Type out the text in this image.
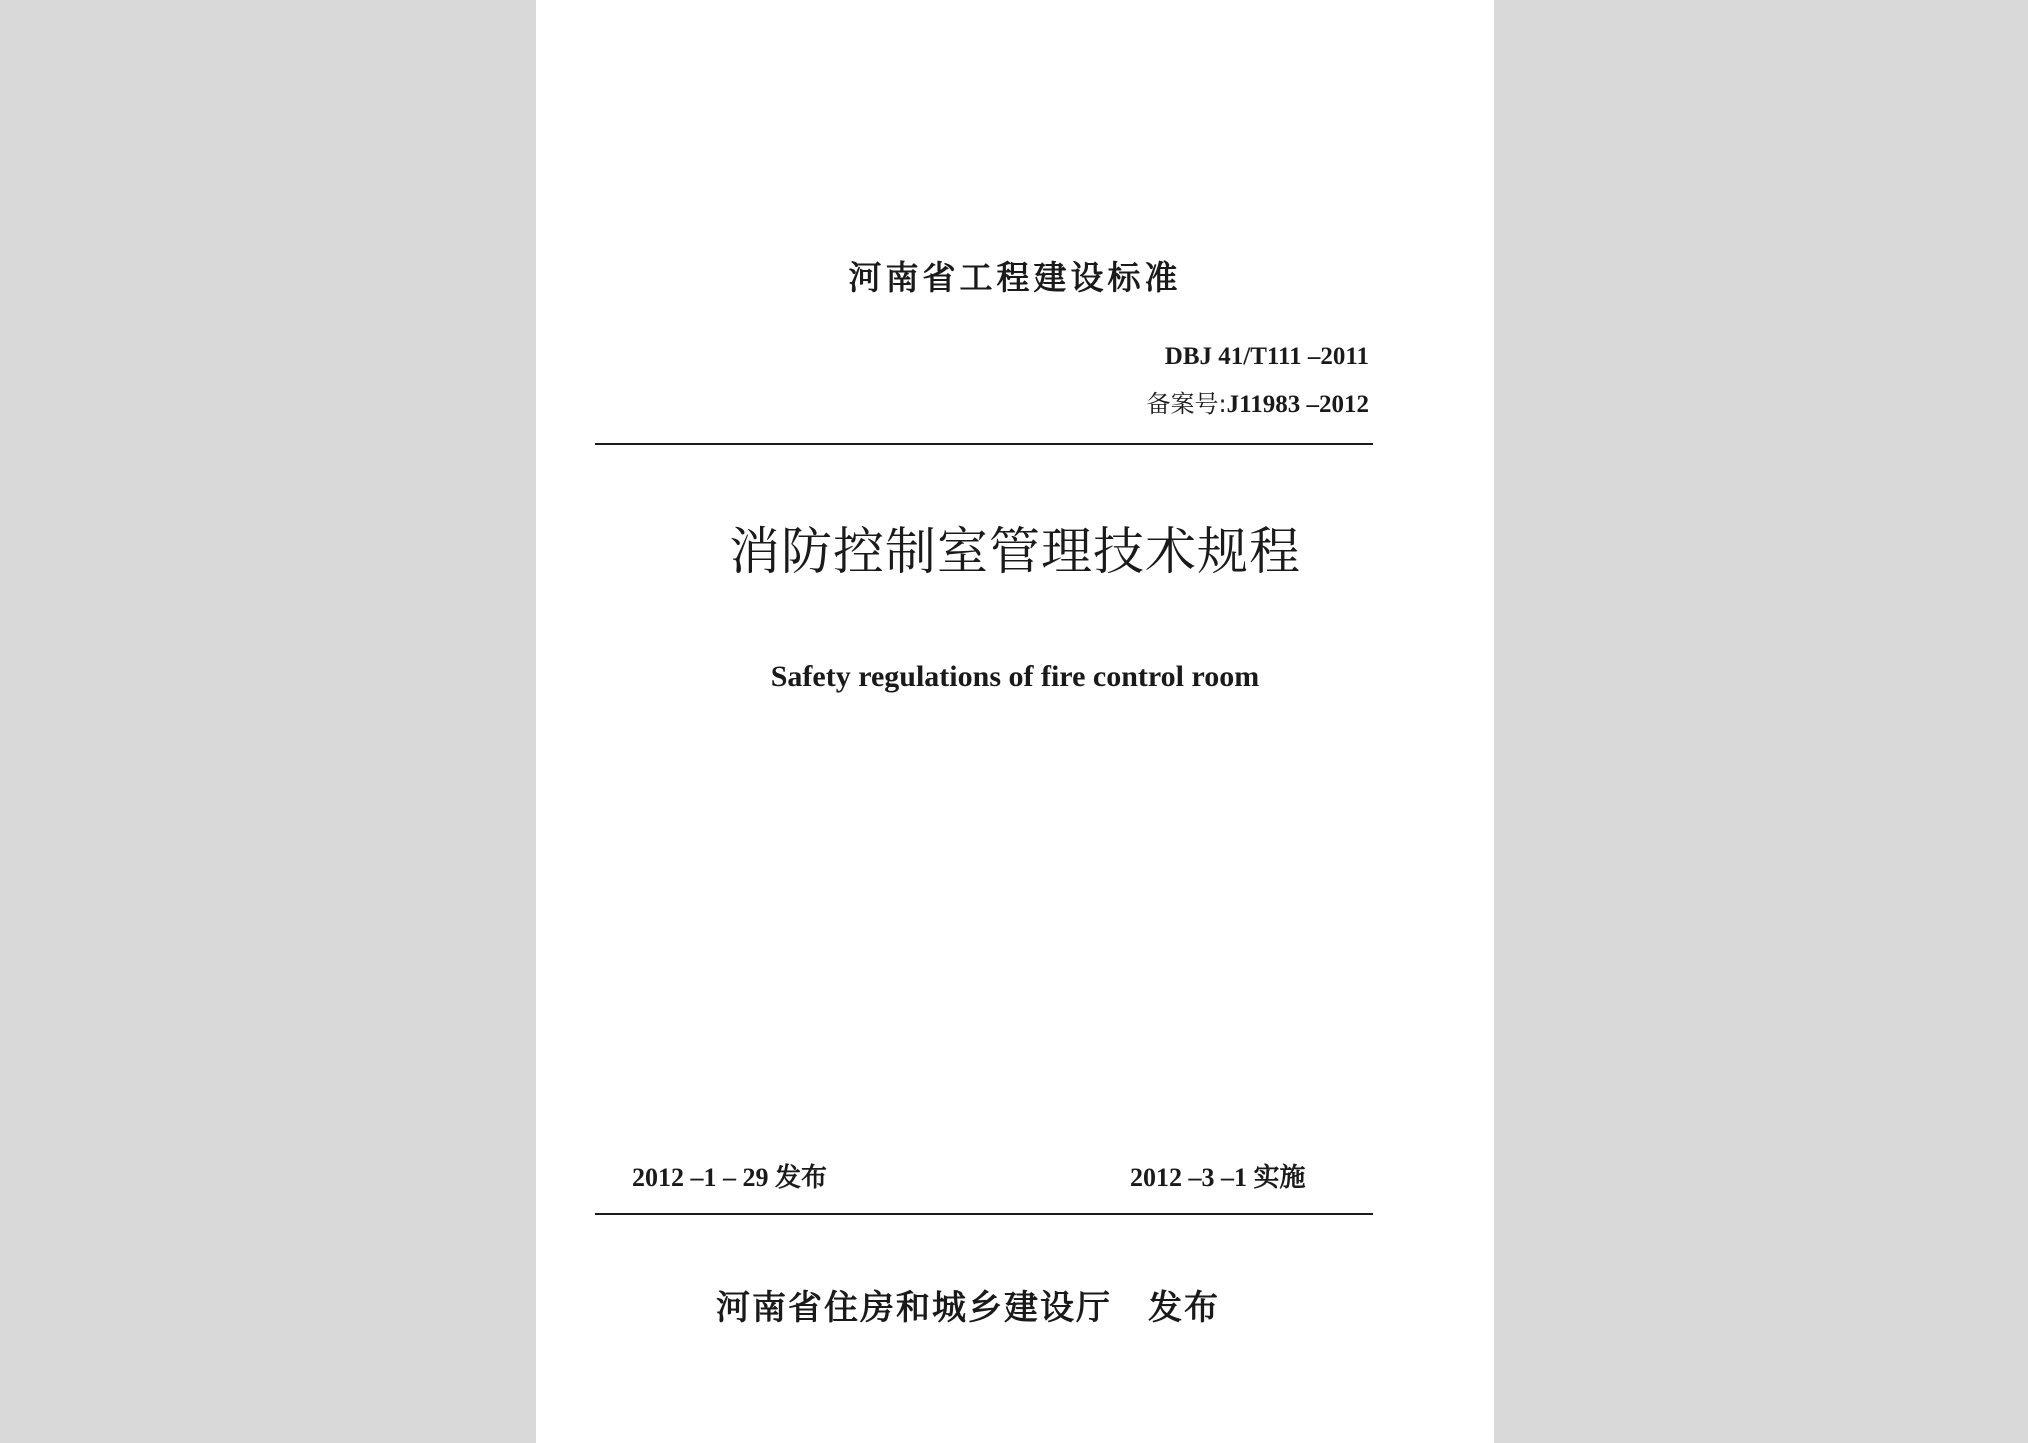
河南省工程建设标准
DBJ 41/T111 –2011
备案号:J11983 –2012
消防控制室管理技术规程
Safety regulations of fire control room
2012 –1 – 29 发布	2012 –3 –1 实施
河南省住房和城乡建设厅 发布
